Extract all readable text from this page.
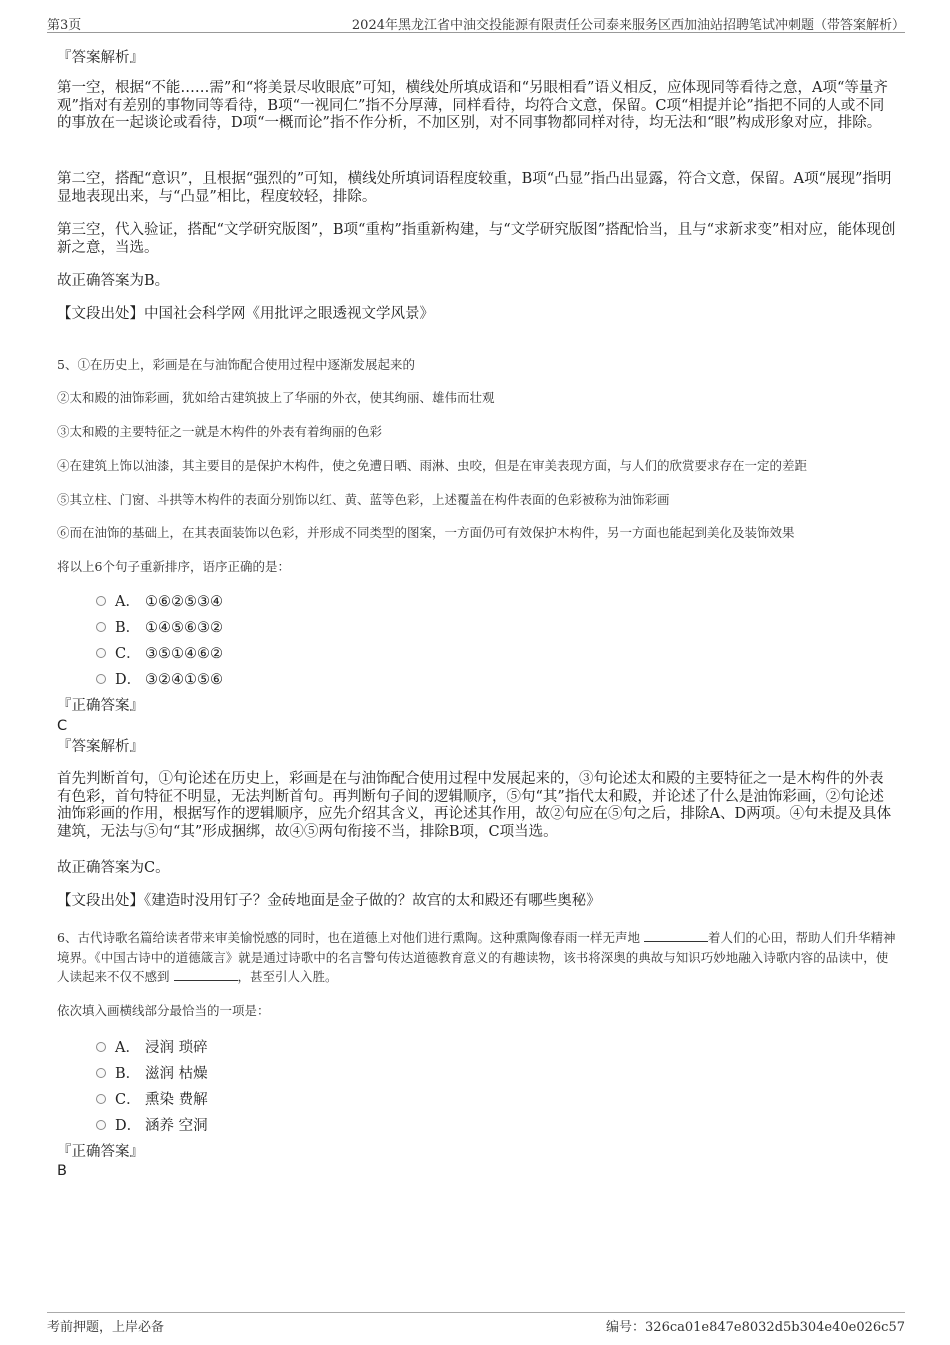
第3页	2024年黑龙江省中油交投能源有限责任公司泰来服务区西加油站招聘笔试冲刺题（带答案解析）
『答案解析』
第一空，根据“不能……需”和“将美景尽收眼底”可知，横线处所填成语和“另眼相看”语义相反，应体现同等看待之意，A项“等量齐观”指对有差别的事物同等看待，B项“一视同仁”指不分厚薄，同样看待，均符合文意，保留。C项“相提并论”指把不同的人或不同的事放在一起谈论或看待，D项“一概而论”指不作分析，不加区别，对不同事物都同样对待，均无法和“眼”构成形象对应，排除。
第二空，搭配“意识”，且根据“强烈的”可知，横线处所填词语程度较重，B项“凸显”指凸出显露，符合文意，保留。A项“展现”指明显地表现出来，与“凸显”相比，程度较轻，排除。
第三空，代入验证，搭配“文学研究版图”，B项“重构”指重新构建，与“文学研究版图”搭配恰当，且与“求新求变”相对应，能体现创新之意，当选。
故正确答案为B。
【文段出处】中国社会科学网《用批评之眼透视文学风景》
5、①在历史上，彩画是在与油饰配合使用过程中逐渐发展起来的
②太和殿的油饰彩画，犹如给古建筑披上了华丽的外衣，使其绚丽、雄伟而壮观
③太和殿的主要特征之一就是木构件的外表有着绚丽的色彩
④在建筑上饰以油漆，其主要目的是保护木构件，使之免遭日晒、雨淋、虫咬，但是在审美表现方面，与人们的欣赏要求存在一定的差距
⑤其立柱、门窗、斗拱等木构件的表面分别饰以红、黄、蓝等色彩，上述覆盖在构件表面的色彩被称为油饰彩画
⑥而在油饰的基础上，在其表面装饰以色彩，并形成不同类型的图案，一方面仍可有效保护木构件，另一方面也能起到美化及装饰效果
将以上6个句子重新排序，语序正确的是：
A． ①⑥②⑤③④
B． ①④⑤⑥③②
C． ③⑤①④⑥②
D． ③②④①⑤⑥
『正确答案』
C
『答案解析』
首先判断首句，①句论述在历史上，彩画是在与油饰配合使用过程中发展起来的，③句论述太和殿的主要特征之一是木构件的外表有色彩，首句特征不明显，无法判断首句。再判断句子间的逻辑顺序，⑤句“其”指代太和殿，并论述了什么是油饰彩画，②句论述油饰彩画的作用，根据写作的逻辑顺序，应先介绍其含义，再论述其作用，故②句应在⑤句之后，排除A、D两项。④句未提及具体建筑，无法与⑤句“其”形成捆绑，故④⑤两句衔接不当，排除B项，C项当选。
故正确答案为C。
【文段出处】《建造时没用钉子？金砖地面是金子做的？故宫的太和殿还有哪些奥秘》
6、古代诗歌名篇给读者带来审美愉悦感的同时，也在道德上对他们进行熏陶。这种熏陶像春雨一样无声地	着人们的心田，帮助人们升华精神境界。《中国古诗中的道德箴言》就是通过诗歌中的名言警句传达道德教育意义的有趣读物，该书将深奥的典故与知识巧妙地融入诗歌内容的品读中，使人读起来不仅不感到	，甚至引人入胜。
依次填入画横线部分最恰当的一项是：
A． 浸润 琐碎
B． 滋润 枯燥
C． 熏染 费解
D． 涵养 空洞
『正确答案』
B
考前押题，上岸必备	编号：326ca01e847e8032d5b304e40e026c57
